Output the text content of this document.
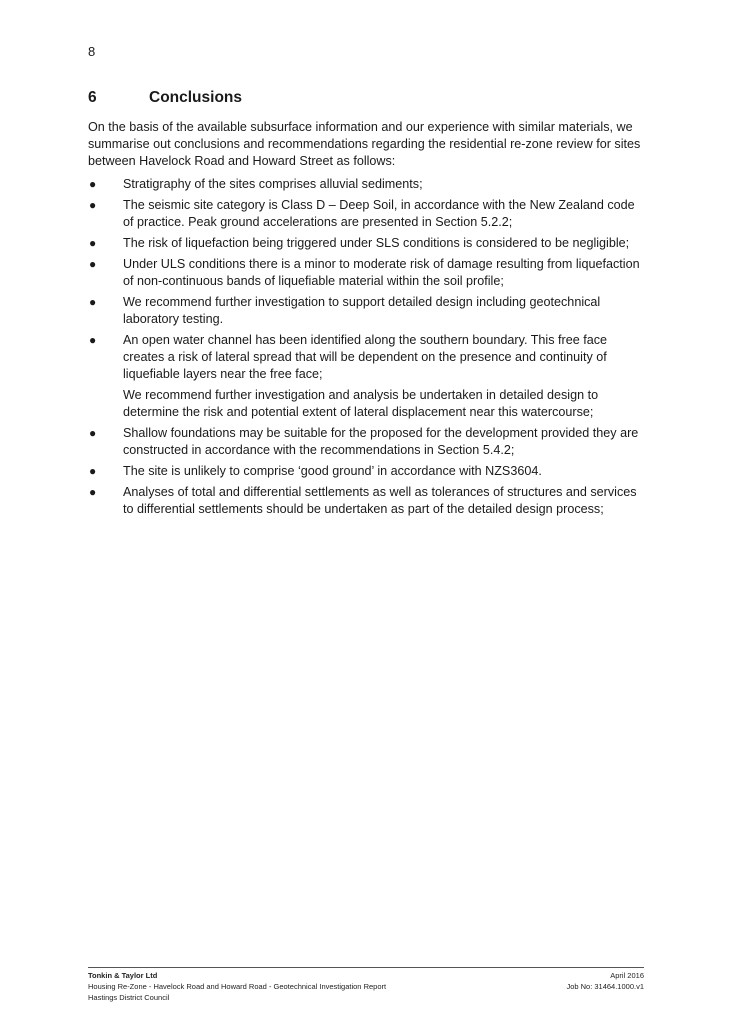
8
6	Conclusions

On the basis of the available subsurface information and our experience with similar materials, we summarise out conclusions and recommendations regarding the residential re-zone review for sites between Havelock Road and Howard Street as follows:

● Stratigraphy of the sites comprises alluvial sediments;
● The seismic site category is Class D – Deep Soil, in accordance with the New Zealand code of practice. Peak ground accelerations are presented in Section 5.2.2;
● The risk of liquefaction being triggered under SLS conditions is considered to be negligible;
● Under ULS conditions there is a minor to moderate risk of damage resulting from liquefaction of non-continuous bands of liquefiable material within the soil profile;
● We recommend further investigation to support detailed design including geotechnical laboratory testing.
● An open water channel has been identified along the southern boundary. This free face creates a risk of lateral spread that will be dependent on the presence and continuity of liquefiable layers near the free face;
We recommend further investigation and analysis be undertaken in detailed design to determine the risk and potential extent of lateral displacement near this watercourse;
● Shallow foundations may be suitable for the proposed for the development provided they are constructed in accordance with the recommendations in Section 5.4.2;
● The site is unlikely to comprise ‘good ground’ in accordance with NZS3604.
● Analyses of total and differential settlements as well as tolerances of structures and services to differential settlements should be undertaken as part of the detailed design process;
Tonkin & Taylor Ltd	April 2016
Housing Re-Zone - Havelock Road and Howard Road - Geotechnical Investigation Report	Job No: 31464.1000.v1
Hastings District Council
